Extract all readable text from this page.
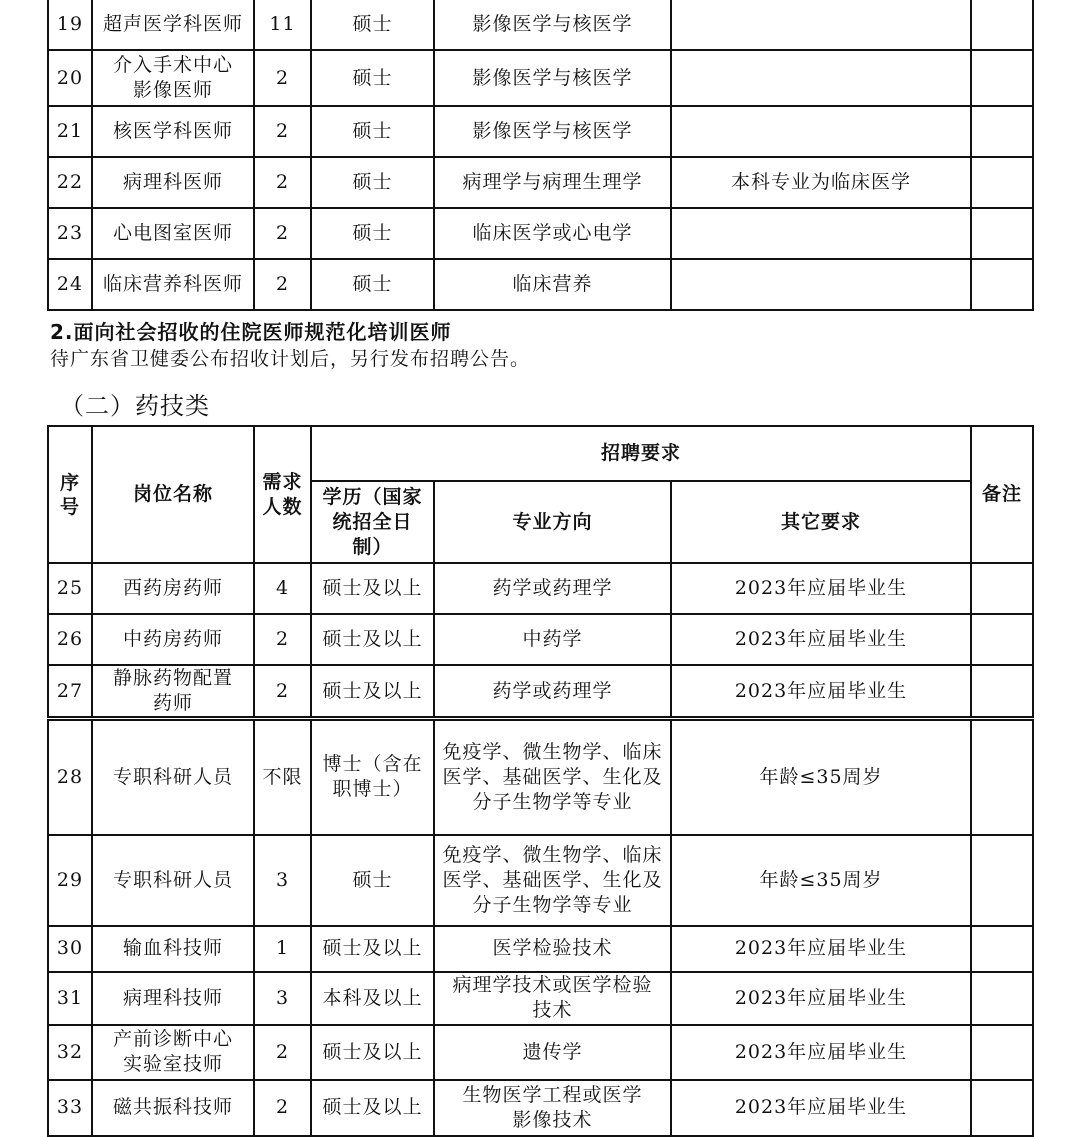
19	超声医学科医师	11	硕士	影像医学与核医学		
20	介入手术中心影像医师	2	硕士	影像医学与核医学		
21	核医学科医师	2	硕士	影像医学与核医学		
22	病理科医师	2	硕士	病理学与病理生理学	本科专业为临床医学	
23	心电图室医师	2	硕士	临床医学或心电学		
24	临床营养科医师	2	硕士	临床营养		
2.面向社会招收的住院医师规范化培训医师
待广东省卫健委公布招收计划后，另行发布招聘公告。
（二）药技类
序号	岗位名称	需求人数	招聘要求			备注
			学历（国家统招全日制）	专业方向	其它要求	
25	西药房药师	4	硕士及以上	药学或药理学	2023年应届毕业生	
26	中药房药师	2	硕士及以上	中药学	2023年应届毕业生	
27	静脉药物配置药师	2	硕士及以上	药学或药理学	2023年应届毕业生	
28	专职科研人员	不限	博士（含在职博士）	免疫学、微生物学、临床医学、基础医学、生化及分子生物学等专业	年龄≤35周岁	
29	专职科研人员	3	硕士	免疫学、微生物学、临床医学、基础医学、生化及分子生物学等专业	年龄≤35周岁	
30	输血科技师	1	硕士及以上	医学检验技术	2023年应届毕业生	
31	病理科技师	3	本科及以上	病理学技术或医学检验技术	2023年应届毕业生	
32	产前诊断中心实验室技师	2	硕士及以上	遗传学	2023年应届毕业生	
33	磁共振科技师	2	硕士及以上	生物医学工程或医学影像技术	2023年应届毕业生	
